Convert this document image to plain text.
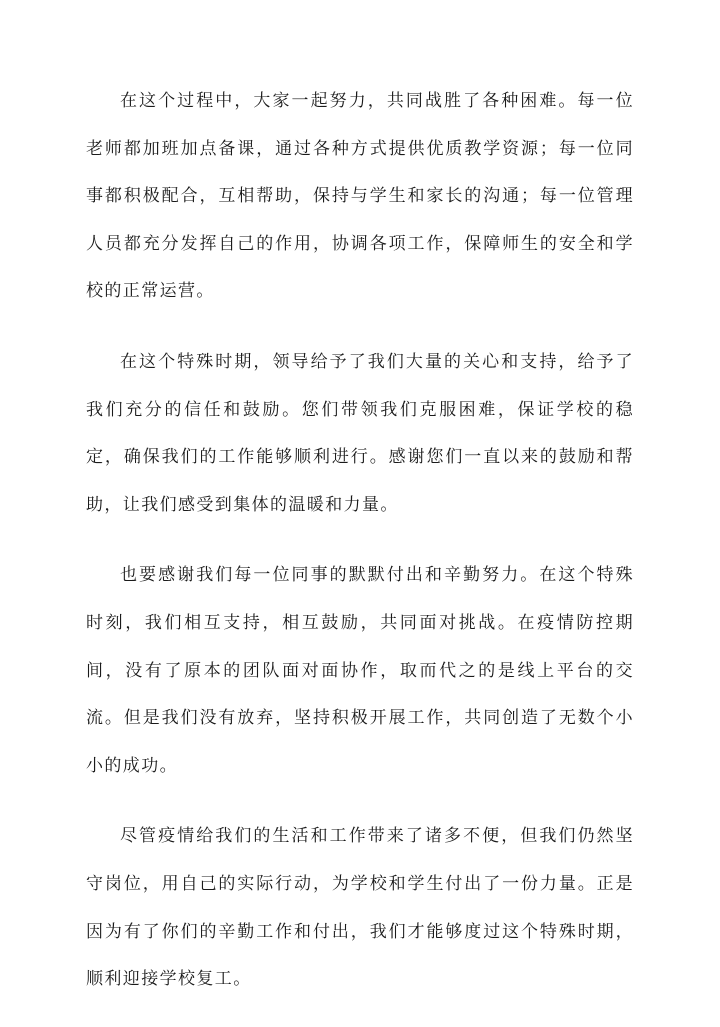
在这个过程中，大家一起努力，共同战胜了各种困难。每一位老师都加班加点备课，通过各种方式提供优质教学资源；每一位同事都积极配合，互相帮助，保持与学生和家长的沟通；每一位管理人员都充分发挥自己的作用，协调各项工作，保障师生的安全和学校的正常运营。

在这个特殊时期，领导给予了我们大量的关心和支持，给予了我们充分的信任和鼓励。您们带领我们克服困难，保证学校的稳定，确保我们的工作能够顺利进行。感谢您们一直以来的鼓励和帮助，让我们感受到集体的温暖和力量。

也要感谢我们每一位同事的默默付出和辛勤努力。在这个特殊时刻，我们相互支持，相互鼓励，共同面对挑战。在疫情防控期间，没有了原本的团队面对面协作，取而代之的是线上平台的交流。但是我们没有放弃，坚持积极开展工作，共同创造了无数个小小的成功。

尽管疫情给我们的生活和工作带来了诸多不便，但我们仍然坚守岗位，用自己的实际行动，为学校和学生付出了一份力量。正是因为有了你们的辛勤工作和付出，我们才能够度过这个特殊时期，顺利迎接学校复工。
